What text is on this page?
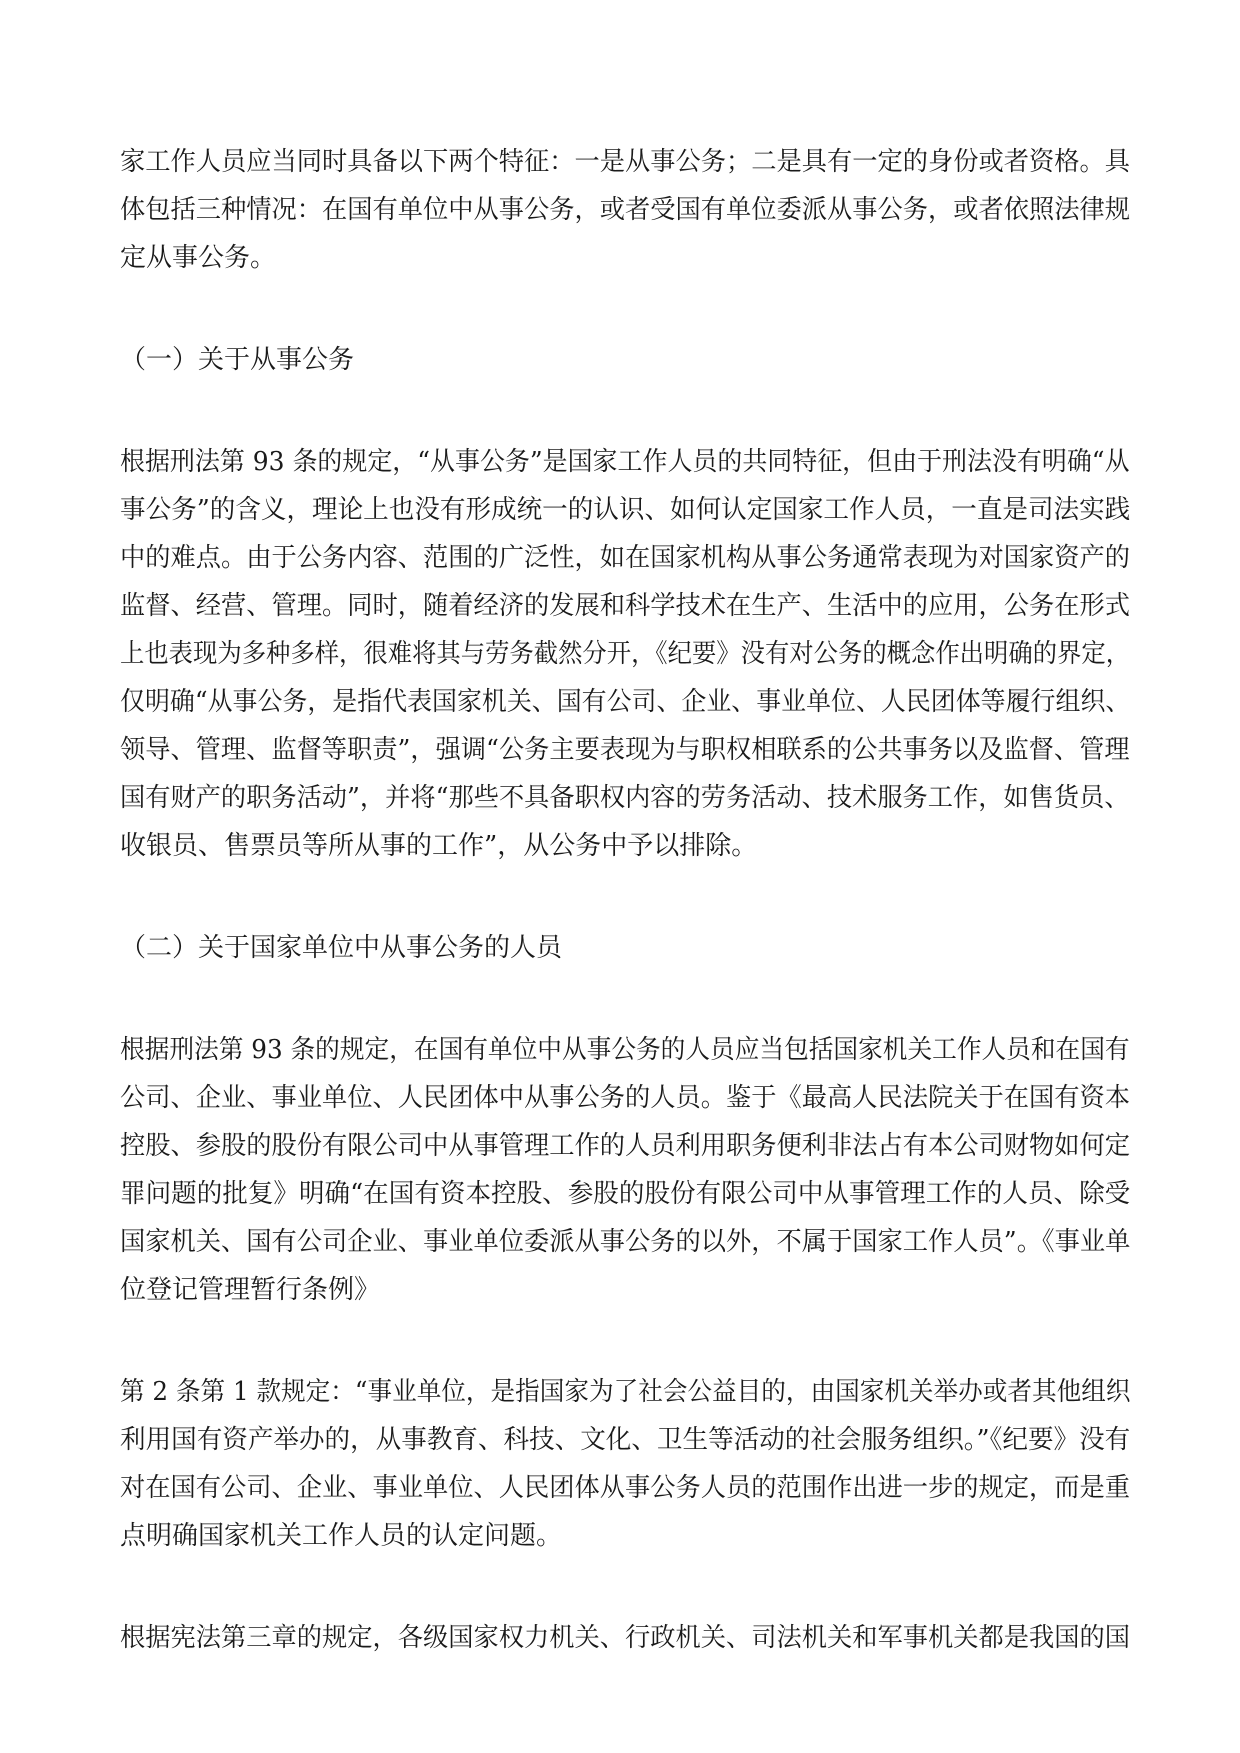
家工作人员应当同时具备以下两个特征：一是从事公务；二是具有一定的身份或者资格。具
体包括三种情况：在国有单位中从事公务，或者受国有单位委派从事公务，或者依照法律规
定从事公务。
（一）关于从事公务
根据刑法第 93 条的规定，“从事公务”是国家工作人员的共同特征，但由于刑法没有明确“从
事公务”的含义，理论上也没有形成统一的认识、如何认定国家工作人员，一直是司法实践
中的难点。由于公务内容、范围的广泛性，如在国家机构从事公务通常表现为对国家资产的
监督、经营、管理。同时，随着经济的发展和科学技术在生产、生活中的应用，公务在形式
上也表现为多种多样，很难将其与劳务截然分开，《纪要》没有对公务的概念作出明确的界定，
仅明确“从事公务，是指代表国家机关、国有公司、企业、事业单位、人民团体等履行组织、
领导、管理、监督等职责”，强调“公务主要表现为与职权相联系的公共事务以及监督、管理
国有财产的职务活动”，并将“那些不具备职权内容的劳务活动、技术服务工作，如售货员、
收银员、售票员等所从事的工作”，从公务中予以排除。
（二）关于国家单位中从事公务的人员
根据刑法第 93 条的规定，在国有单位中从事公务的人员应当包括国家机关工作人员和在国有
公司、企业、事业单位、人民团体中从事公务的人员。鉴于《最高人民法院关于在国有资本
控股、参股的股份有限公司中从事管理工作的人员利用职务便利非法占有本公司财物如何定
罪问题的批复》明确“在国有资本控股、参股的股份有限公司中从事管理工作的人员、除受
国家机关、国有公司企业、事业单位委派从事公务的以外，不属于国家工作人员”。《事业单
位登记管理暂行条例》
第 2 条第 1 款规定：“事业单位，是指国家为了社会公益目的，由国家机关举办或者其他组织
利用国有资产举办的，从事教育、科技、文化、卫生等活动的社会服务组织。”《纪要》没有
对在国有公司、企业、事业单位、人民团体从事公务人员的范围作出进一步的规定，而是重
点明确国家机关工作人员的认定问题。
根据宪法第三章的规定，各级国家权力机关、行政机关、司法机关和军事机关都是我国的国
